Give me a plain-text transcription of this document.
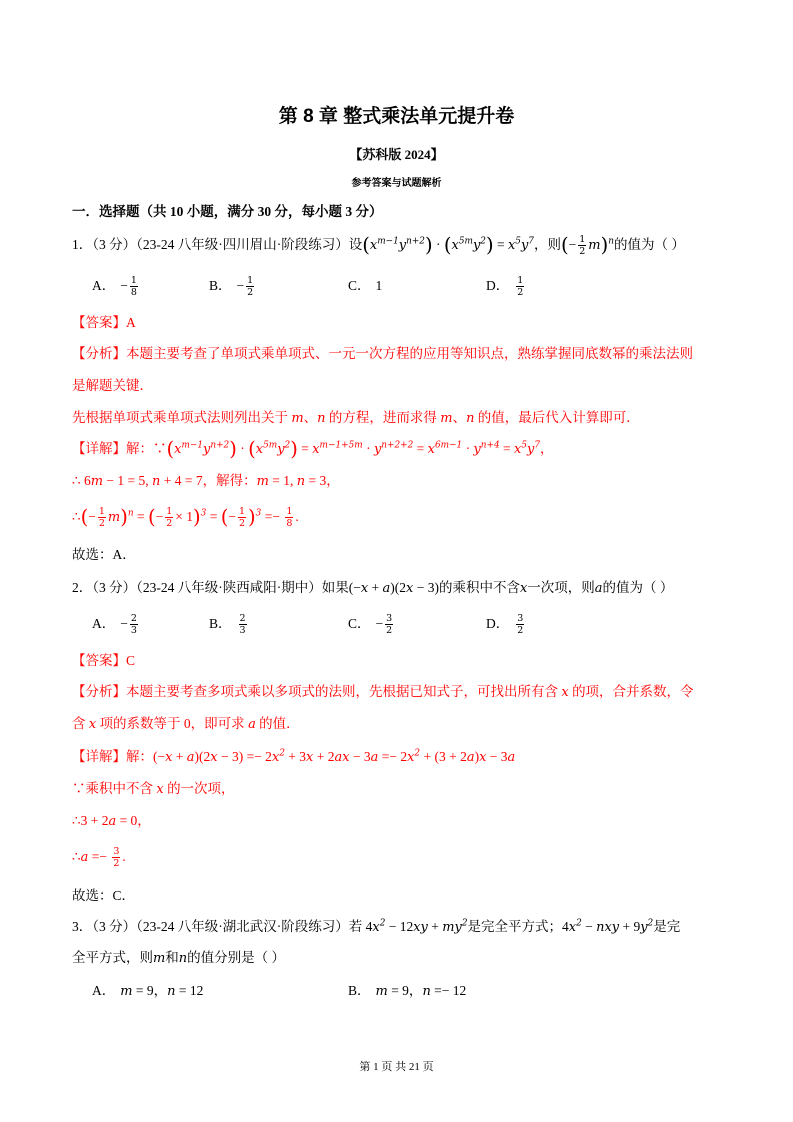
第 8 章 整式乘法单元提升卷
【苏科版 2024】
参考答案与试题解析
一．选择题（共 10 小题，满分 30 分，每小题 3 分）
1．（3 分）（23-24 八年级·四川眉山·阶段练习）设$(x^{m-1}y^{n+2}) \cdot (x^{5m}y^2) = x^5y^7$，则(− $\frac{1}{2} m)^n$的值为（ ）
A． − $\frac{1}{8}$	B． − $\frac{1}{2}$	C． 1	D． $\frac{1}{2}$
【答案】A
【分析】本题主要考查了单项式乘单项式、一元一次方程的应用等知识点，熟练掌握同底数幂的乘法法则
是解题关键．
先根据单项式乘单项式法则列出关于 m、n 的方程，进而求得 m、n 的值，最后代入计算即可．
【详解】解：$\because(x^{m-1}y^{n+2}) \cdot (x^{5m}y^2) = x^{m-1+5m} \cdot y^{n+2+2} = x^{6m-1} \cdot y^{n+4} = x^5y^7$，
∴ 6m − 1 = 5, n + 4 = 7，解得：m = 1, n = 3，
∴(− $\frac{1}{2} m)^n$ = (− $\frac{1}{2} \times 1)^3$ = (− $\frac{1}{2} )^3 =- \frac{1}{8}$ .
故选：A．
2．（3 分）（23-24 八年级·陕西咸阳·期中）如果(−x + a)(2x − 3)的乘积中不含x一次项，则a的值为（ ）
A． − $\frac{2}{3}$	B． $\frac{2}{3}$	C． − $\frac{3}{2}$	D． $\frac{3}{2}$
【答案】C
【分析】本题主要考查多项式乘以多项式的法则，先根据已知式子，可找出所有含 x 的项，合并系数，令
含 x 项的系数等于 0，即可求 a 的值．
【详解】解：$(-x + a)(2x - 3) =- 2x^2 + 3x + 2ax - 3a =- 2x^2 + (3 + 2a)x - 3a$
∵乘积中不含 x 的一次项，
∴3 + 2a = 0，
∴a =− $\frac{3}{2}$ .
故选：C．
3．（3 分）（23-24 八年级·湖北武汉·阶段练习）若 $4x^2 - 12xy + my^2$是完全平方式；$4x^2$ − nxy + $9y^2$是完
全平方式，则m和n的值分别是（ ）
A． m = 9，n = 12	B． m = 9，n =− 12
第 1 页 共 21 页
